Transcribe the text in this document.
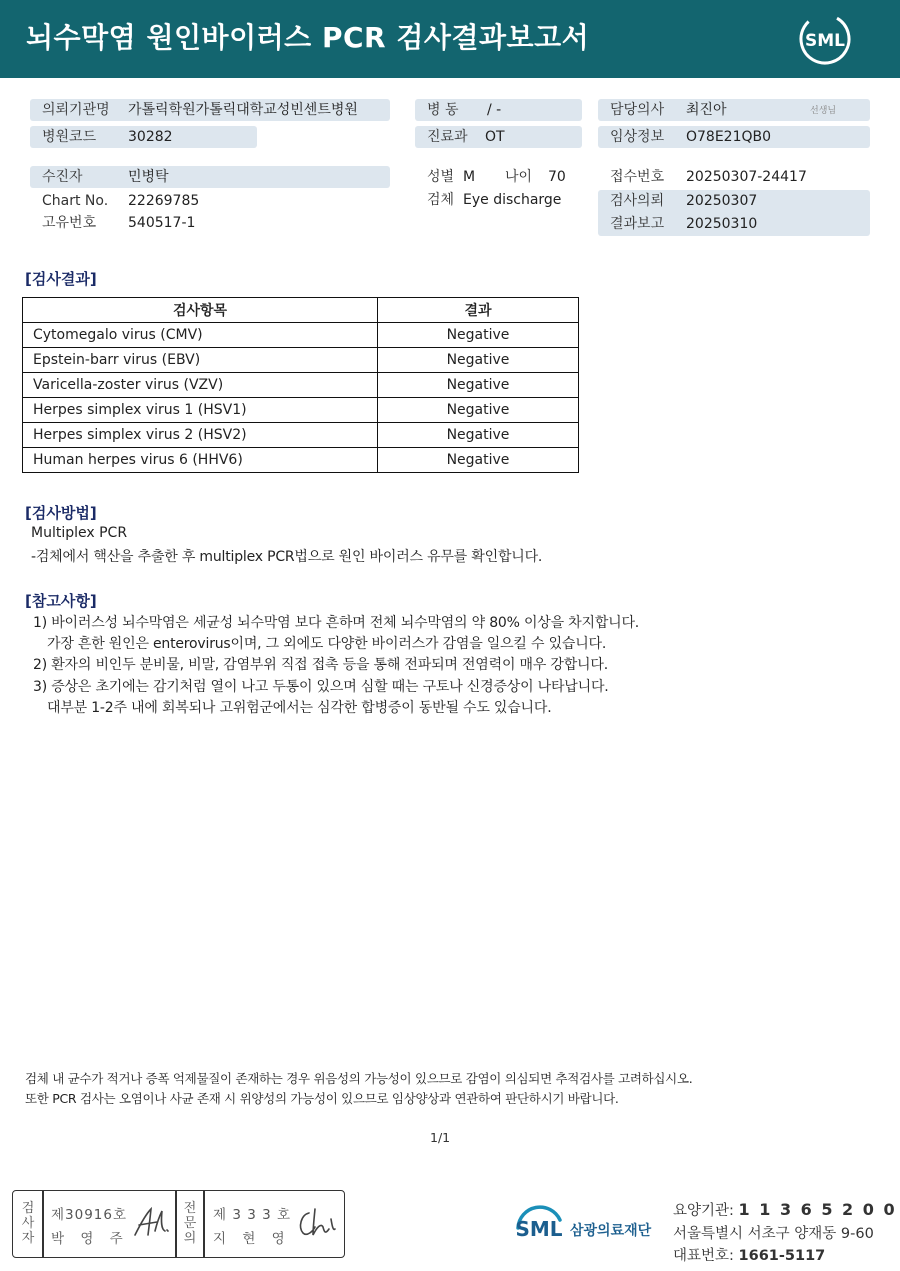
뇌수막염 원인바이러스 PCR 검사결과보고서	SML
의뢰기관명 가톨릭학원가톨릭대학교성빈센트병원
병원코드 30282
수진자	민병탁
Chart No. 22269785
고유번호 540517-1
병 동 / -
진료과 OT
성별 M 나이 70
검체 Eye discharge
담당의사 최진아	선생님
임상정보 O78E21QB0
접수번호 20250307-24417
검사의뢰 20250307
결과보고 20250310
[검사결과]
검사항목	결과
Cytomegalo virus (CMV)	Negative
Epstein-barr virus (EBV)	Negative
Varicella-zoster virus (VZV)	Negative
Herpes simplex virus 1 (HSV1)	Negative
Herpes simplex virus 2 (HSV2)	Negative
Human herpes virus 6 (HHV6)	Negative
[검사방법]
Multiplex PCR
-검체에서 핵산을 추출한 후 multiplex PCR법으로 원인 바이러스 유무를 확인합니다.
[참고사항]
1) 바이러스성 뇌수막염은 세균성 뇌수막염 보다 흔하며 전체 뇌수막염의 약 80% 이상을 차지합니다.
가장 흔한 원인은 enterovirus이며, 그 외에도 다양한 바이러스가 감염을 일으킬 수 있습니다.
2) 환자의 비인두 분비물, 비말, 감염부위 직접 접촉 등을 통해 전파되며 전염력이 매우 강합니다.
3) 증상은 초기에는 감기처럼 열이 나고 두통이 있으며 심할 때는 구토나 신경증상이 나타납니다.
대부분 1-2주 내에 회복되나 고위험군에서는 심각한 합병증이 동반될 수도 있습니다.
검체 내 균수가 적거나 증폭 억제물질이 존재하는 경우 위음성의 가능성이 있으므로 감염이 의심되면 추적검사를 고려하십시오.
또한 PCR 검사는 오염이나 사균 존재 시 위양성의 가능성이 있으므로 임상양상과 연관하여 판단하시기 바랍니다.
1/1
검
사
자
제30916호
박 영 주
전
문
의
제 3 3 3 호
지 현 영	SML 삼광의료재단
요양기관: 1 1 3 6 5 2 0 0
서울특별시 서초구 양재동 9-60
대표번호: 1661-5117
